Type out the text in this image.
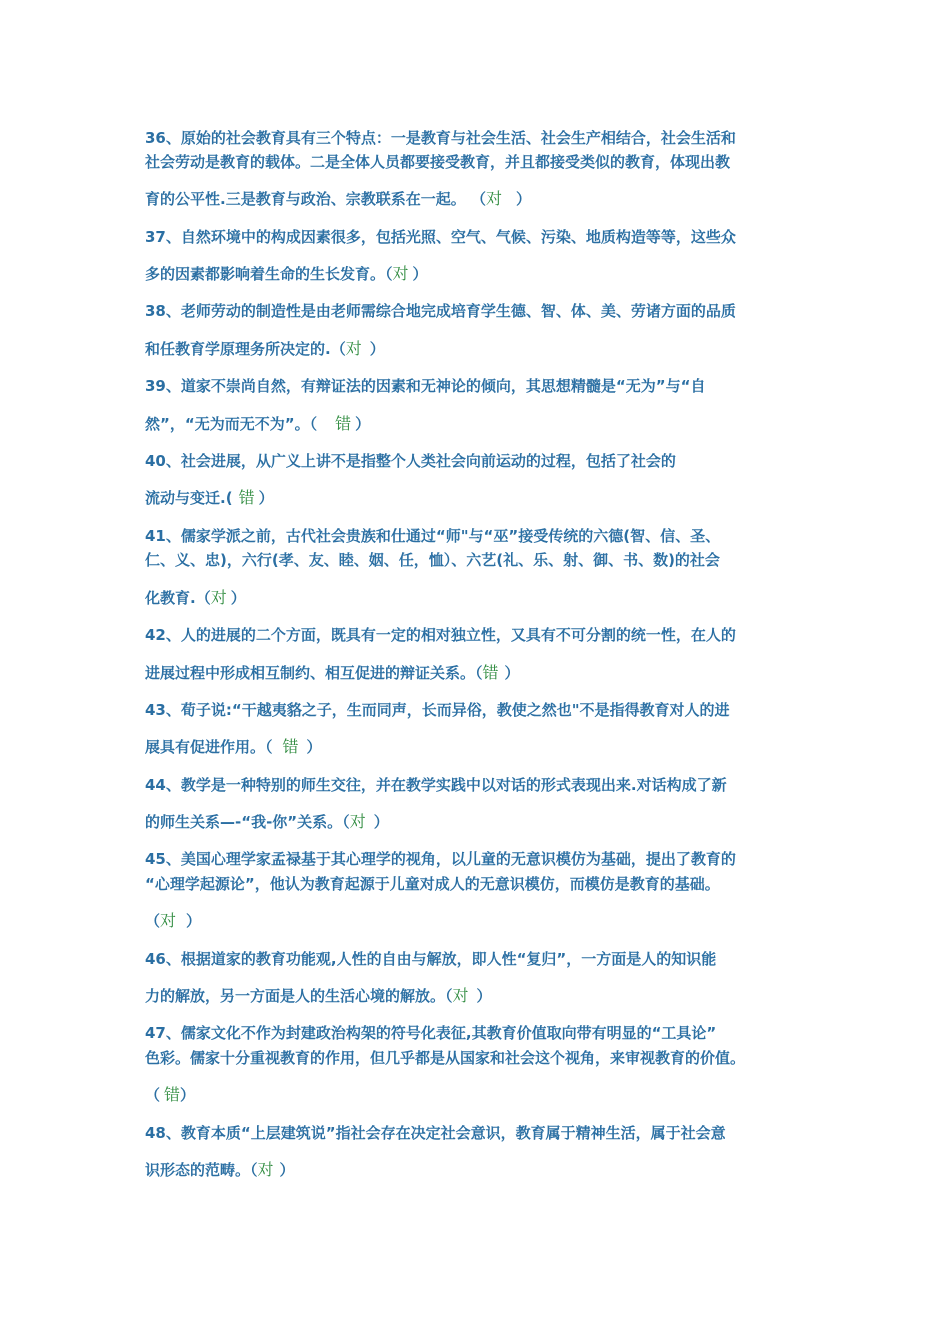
36、原始的社会教育具有三个特点：一是教育与社会生活、社会生产相结合，社会生活和
社会劳动是教育的载体。二是全体人员都要接受教育，并且都接受类似的教育，体现出教
育的公平性.三是教育与政治、宗教联系在一起。 （对 ）
37、自然环境中的构成因素很多，包括光照、空气、气候、污染、地质构造等等，这些众
多的因素都影响着生命的生长发育。（对 ）
38、老师劳动的制造性是由老师需综合地完成培育学生德、智、体、美、劳诸方面的品质
和任教育学原理务所决定的.（对 ）
39、道家不崇尚自然，有辩证法的因素和无神论的倾向，其思想精髓是“无为”与“自
然”，“无为而无不为”。（ 错 ）
40、社会进展，从广义上讲不是指整个人类社会向前运动的过程，包括了社会的
流动与变迁.( 错 ）
41、儒家学派之前，古代社会贵族和仕通过“师"与“巫”接受传统的六德(智、信、圣、
仁、义、忠)，六行(孝、友、睦、姻、任，恤）、六艺(礼、乐、射、御、书、数)的社会
化教育.（对 ）
42、人的进展的二个方面，既具有一定的相对独立性，又具有不可分割的统一性，在人的
进展过程中形成相互制约、相互促进的辩证关系。（错 ）
43、荀子说:“干越夷貉之子，生而同声，长而异俗，教使之然也"不是指得教育对人的进
展具有促进作用。（ 错 ）
44、教学是一种特别的师生交往，并在教学实践中以对话的形式表现出来.对话构成了新
的师生关系—-“我-你”关系。（对 ）
45、美国心理学家孟禄基于其心理学的视角，以儿童的无意识模仿为基础，提出了教育的
“心理学起源论”，他认为教育起源于儿童对成人的无意识模仿，而模仿是教育的基础。
（对 ）
46、根据道家的教育功能观,人性的自由与解放，即人性“复归”，一方面是人的知识能
力的解放，另一方面是人的生活心境的解放。（对 ）
47、儒家文化不作为封建政治构架的符号化表征,其教育价值取向带有明显的“工具论”
色彩。儒家十分重视教育的作用，但几乎都是从国家和社会这个视角，来审视教育的价值。
（ 错）
48、教育本质“上层建筑说”指社会存在决定社会意识，教育属于精神生活，属于社会意
识形态的范畴。（对 ）
